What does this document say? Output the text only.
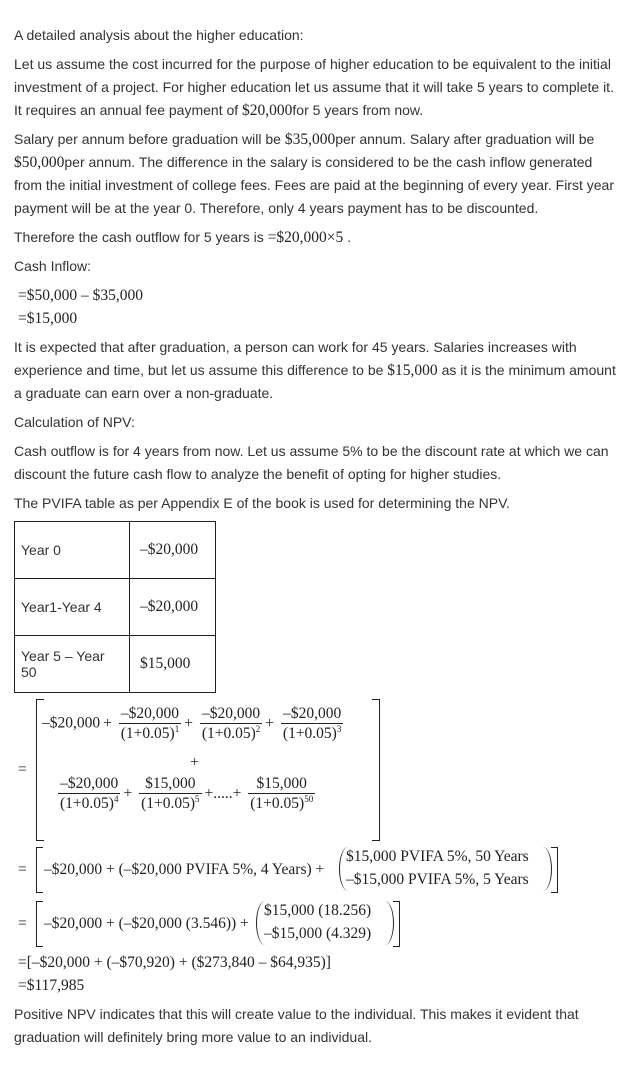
A detailed analysis about the higher education:

Let us assume the cost incurred for the purpose of higher education to be equivalent to the initial investment of a project. For higher education let us assume that it will take 5 years to complete it. It requires an annual fee payment of $20,000for 5 years from now.

Salary per annum before graduation will be $35,000per annum. Salary after graduation will be $50,000per annum. The difference in the salary is considered to be the cash inflow generated from the initial investment of college fees. Fees are paid at the beginning of every year. First year payment will be at the year 0. Therefore, only 4 years payment has to be discounted.

Therefore the cash outflow for 5 years is =$20,000×5 .

Cash Inflow:

=$50,000 – $35,000
=$15,000

It is expected that after graduation, a person can work for 45 years. Salaries increases with experience and time, but let us assume this difference to be $15,000 as it is the minimum amount a graduate can earn over a non-graduate.

Calculation of NPV:

Cash outflow is for 4 years from now. Let us assume 5% to be the discount rate at which we can discount the future cash flow to analyze the benefit of opting for higher studies.

The PVIFA table as per Appendix E of the book is used for determining the NPV.

Year 0	–$20,000
Year1-Year 4	–$20,000
Year 5 – Year 50	$15,000
=
–$20,000 + $\frac{-\$20,000}{(1+0.05)^1} + \frac{-\$20,000}{(1+0.05)^2} + \frac{-\$20,000}{(1+0.05)^3}$
+
$\frac{-\$20,000}{(1+0.05)^4} + \frac{\$15,000}{(1+0.05)^5}$ +.....+ $\frac{\$15,000}{(1+0.05)^{50}}$
= –$20,000 + (–$20,000 PVIFA 5%, 4 Years) +
$15,000 PVIFA 5%, 50 Years
–$15,000 PVIFA 5%, 5 Years
= –$20,000 + (–$20,000 (3.546)) +
$15,000 (18.256)
–$15,000 (4.329)
=[–$20,000 + (–$70,920) + ($273,840 – $64,935)]
=$117,985

Positive NPV indicates that this will create value to the individual. This makes it evident that graduation will definitely bring more value to an individual.
